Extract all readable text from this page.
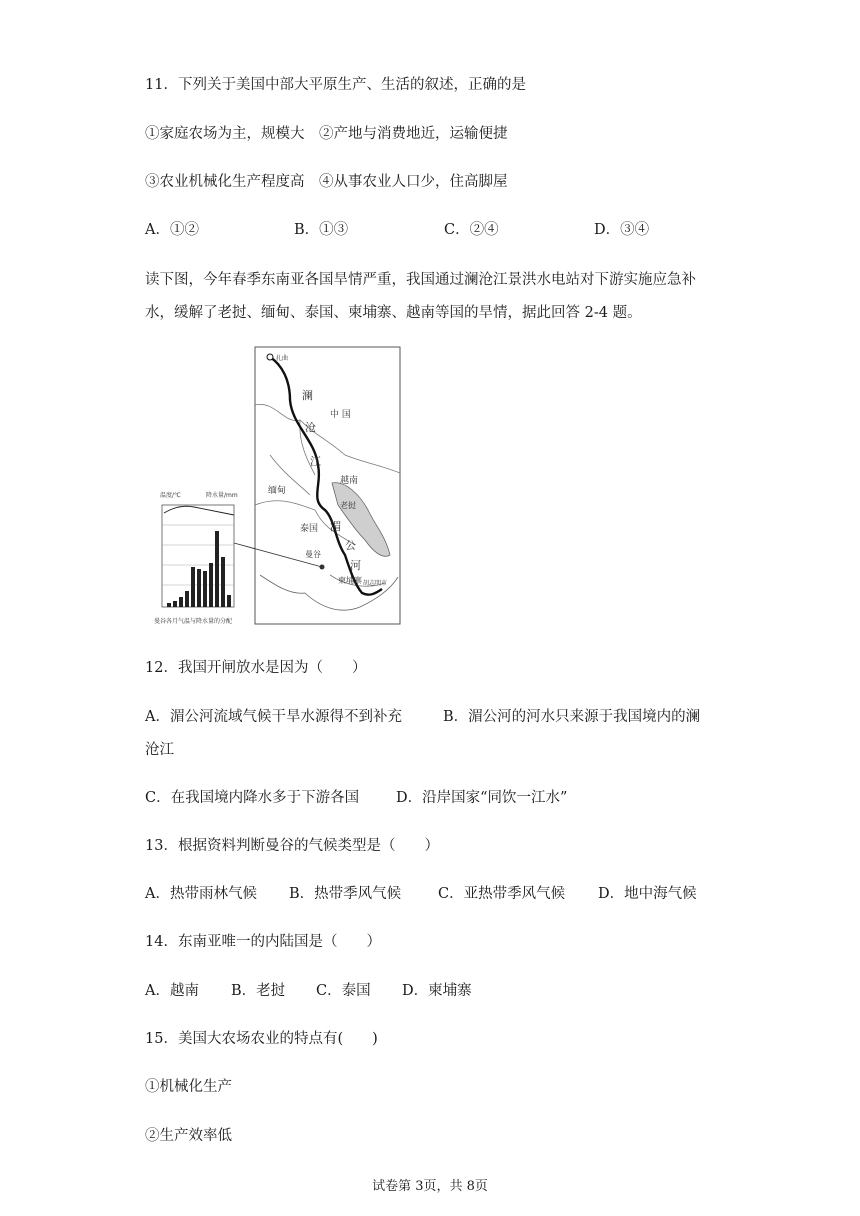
11．下列关于美国中部大平原生产、生活的叙述，正确的是
①家庭农场为主，规模大　②产地与消费地近，运输便捷
③农业机械化生产程度高　④从事农业人口少，住高脚屋
A．①②	B．①③	C．②④	D．③④
读下图，今年春季东南亚各国旱情严重，我国通过澜沧江景洪水电站对下游实施应急补
水，缓解了老挝、缅甸、泰国、柬埔寨、越南等国的旱情，据此回答 2-4 题。
扎曲
澜
沧
江
中 国
越南
老挝
缅甸
泰国 湄
公
河
曼谷
柬埔寨 胡志明市
温度/℃	降水量/mm
曼谷各月气温与降水量的分配
12．我国开闸放水是因为（　　）
A．湄公河流域气候干旱水源得不到补充	B．湄公河的河水只来源于我国境内的澜
沧江
C．在我国境内降水多于下游各国	D．沿岸国家“同饮一江水”
13．根据资料判断曼谷的气候类型是（　　）
A．热带雨林气候 B．热带季风气候	C．亚热带季风气候 D．地中海气候
14．东南亚唯一的内陆国是（　　）
A．越南 B．老挝 C．泰国 D．柬埔寨
15．美国大农场农业的特点有(　　)
①机械化生产
②生产效率低
试卷第 3页，共 8页
